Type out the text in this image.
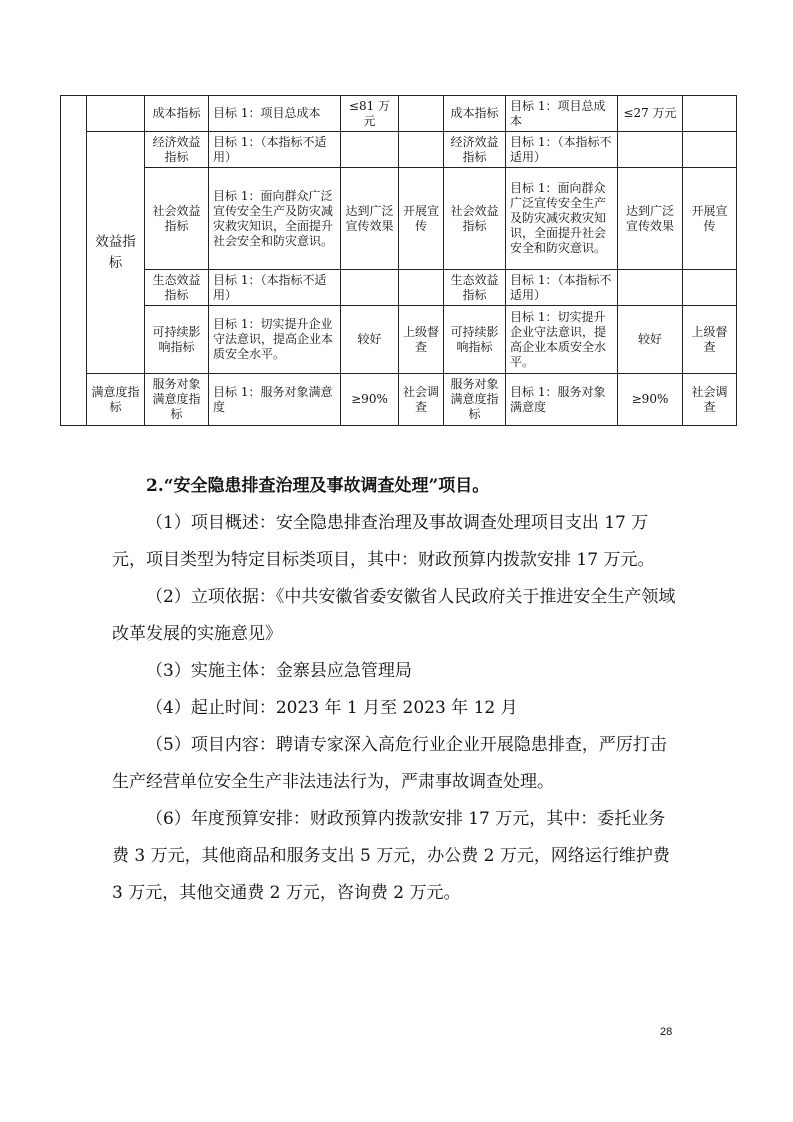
		成本指标	目标 1：项目总成本	≤81 万元		成本指标	目标 1：项目总成本	≤27 万元	
	效益指标	经济效益指标	目标 1：（本指标不适用）			经济效益指标	目标 1：（本指标不适用）		
		社会效益指标	目标 1：面向群众广泛宣传安全生产及防灾减灾救灾知识，全面提升社会安全和防灾意识。	达到广泛宣传效果	开展宣传	社会效益指标	目标 1：面向群众广泛宣传安全生产及防灾减灾救灾知识，全面提升社会安全和防灾意识。	达到广泛宣传效果	开展宣传
		生态效益指标	目标 1：（本指标不适用）			生态效益指标	目标 1：（本指标不适用）		
		可持续影响指标	目标 1：切实提升企业守法意识，提高企业本质安全水平。	较好	上级督查	可持续影响指标	目标 1：切实提升企业守法意识，提高企业本质安全水平。	较好	上级督查
	满意度指标	服务对象满意度指标	目标 1：服务对象满意度	≥90%	社会调查	服务对象满意度指标	目标 1：服务对象满意度	≥90%	社会调查

2.“安全隐患排查治理及事故调查处理”项目。

（1）项目概述：安全隐患排查治理及事故调查处理项目支出 17 万元，项目类型为特定目标类项目，其中：财政预算内拨款安排 17 万元。

（2）立项依据：《中共安徽省委安徽省人民政府关于推进安全生产领域改革发展的实施意见》

（3）实施主体：金寨县应急管理局

（4）起止时间：2023 年 1 月至 2023 年 12 月

（5）项目内容：聘请专家深入高危行业企业开展隐患排查，严厉打击生产经营单位安全生产非法违法行为，严肃事故调查处理。

（6）年度预算安排：财政预算内拨款安排 17 万元，其中：委托业务费 3 万元，其他商品和服务支出 5 万元，办公费 2 万元，网络运行维护费 3 万元，其他交通费 2 万元，咨询费 2 万元。

28
